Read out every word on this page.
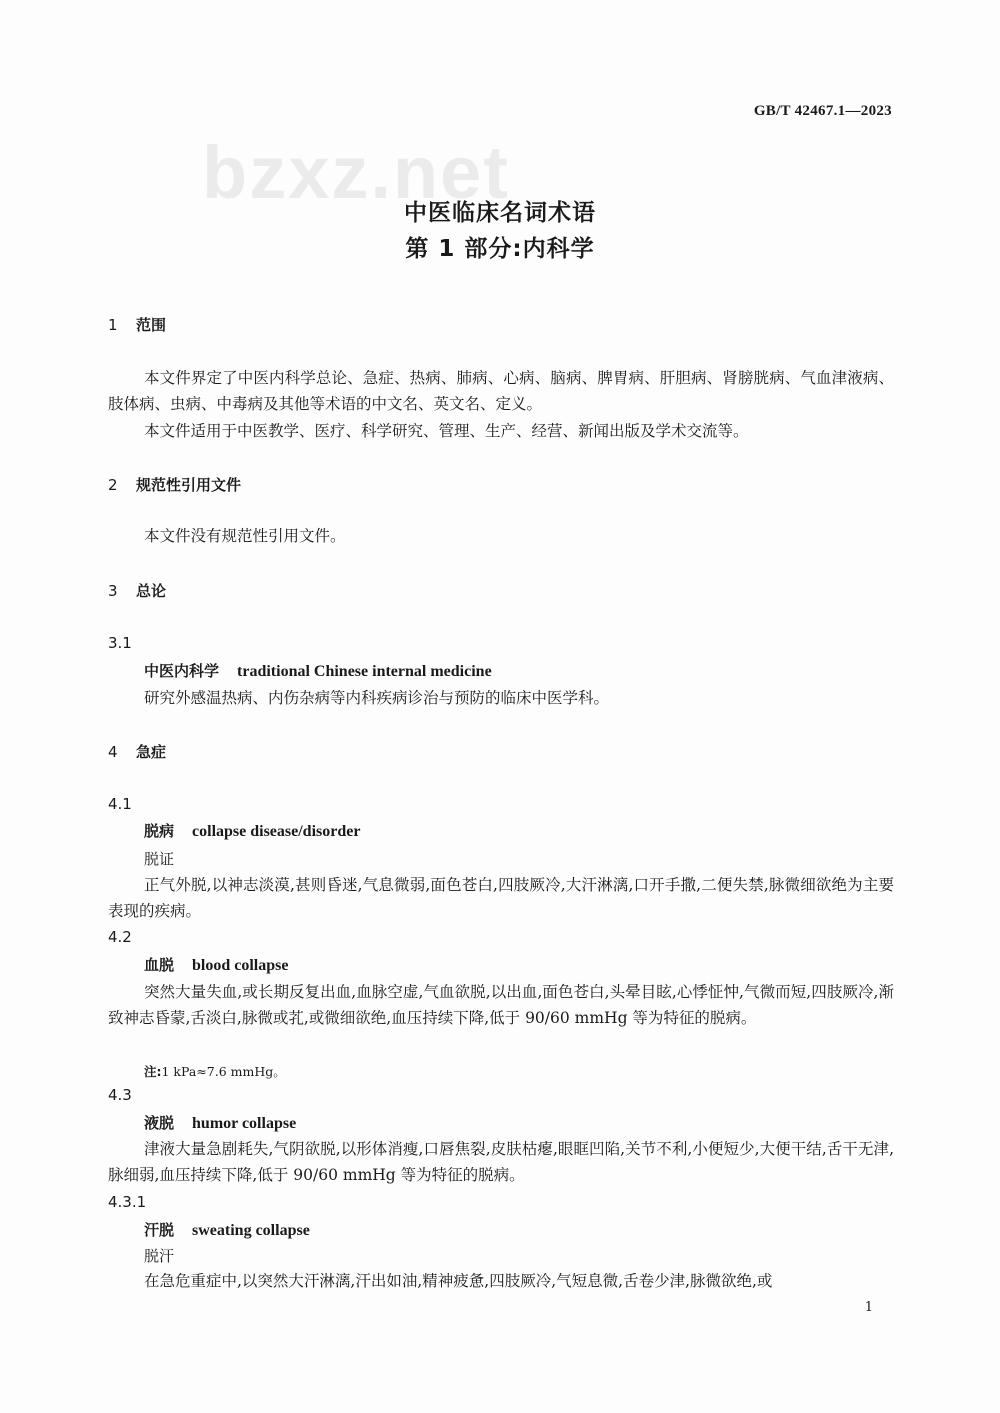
GB/T 42467.1—2023
bzxz.net
中医临床名词术语
第 1 部分:内科学
1 范围
本文件界定了中医内科学总论、急症、热病、肺病、心病、脑病、脾胃病、肝胆病、肾膀胱病、气血津液病、肢体病、虫病、中毒病及其他等术语的中文名、英文名、定义。
本文件适用于中医教学、医疗、科学研究、管理、生产、经营、新闻出版及学术交流等。
2 规范性引用文件
本文件没有规范性引用文件。
3 总论
3.1
中医内科学 traditional Chinese internal medicine
研究外感温热病、内伤杂病等内科疾病诊治与预防的临床中医学科。
4 急症
4.1
脱病 collapse disease/disorder
脱证
正气外脱,以神志淡漠,甚则昏迷,气息微弱,面色苍白,四肢厥冷,大汗淋漓,口开手撒,二便失禁,脉微细欲绝为主要表现的疾病。
4.2
血脱 blood collapse
突然大量失血,或长期反复出血,血脉空虚,气血欲脱,以出血,面色苍白,头晕目眩,心悸怔忡,气微而短,四肢厥冷,渐致神志昏蒙,舌淡白,脉微或芤,或微细欲绝,血压持续下降,低于 90/60 mmHg 等为特征的脱病。
注:1 kPa≈7.6 mmHg。
4.3
液脱 humor collapse
津液大量急剧耗失,气阴欲脱,以形体消瘦,口唇焦裂,皮肤枯瘪,眼眶凹陷,关节不利,小便短少,大便干结,舌干无津,脉细弱,血压持续下降,低于 90/60 mmHg 等为特征的脱病。
4.3.1
汗脱 sweating collapse
脱汗
在急危重症中,以突然大汗淋漓,汗出如油,精神疲惫,四肢厥冷,气短息微,舌卷少津,脉微欲绝,或
1
